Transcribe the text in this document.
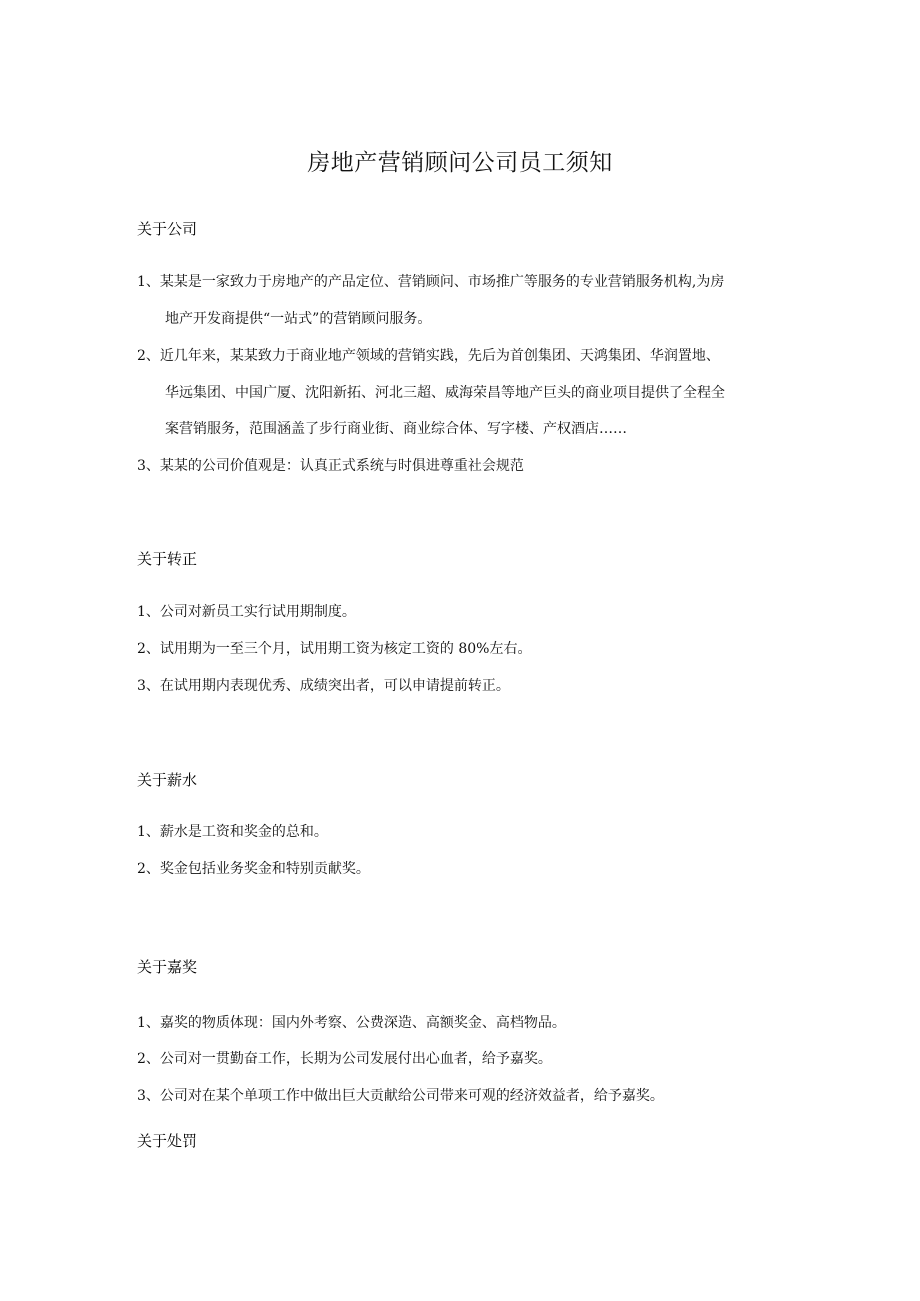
房地产营销顾问公司员工须知
关于公司

1、某某是一家致力于房地产的产品定位、营销顾问、市场推广等服务的专业营销服务机构,为房

地产开发商提供“一站式”的营销顾问服务。

2、近几年来，某某致力于商业地产领域的营销实践，先后为首创集团、天鸿集团、华润置地、

华远集团、中国广厦、沈阳新拓、河北三超、威海荣昌等地产巨头的商业项目提供了全程全

案营销服务，范围涵盖了步行商业街、商业综合体、写字楼、产权酒店……

3、某某的公司价值观是：认真正式系统与时俱进尊重社会规范

关于转正

1、公司对新员工实行试用期制度。

2、试用期为一至三个月，试用期工资为核定工资的 80%左右。

3、在试用期内表现优秀、成绩突出者，可以申请提前转正。

关于薪水

1、薪水是工资和奖金的总和。

2、奖金包括业务奖金和特别贡献奖。

关于嘉奖

1、嘉奖的物质体现：国内外考察、公费深造、高额奖金、高档物品。

2、公司对一贯勤奋工作，长期为公司发展付出心血者，给予嘉奖。

3、公司对在某个单项工作中做出巨大贡献给公司带来可观的经济效益者，给予嘉奖。

关于处罚
